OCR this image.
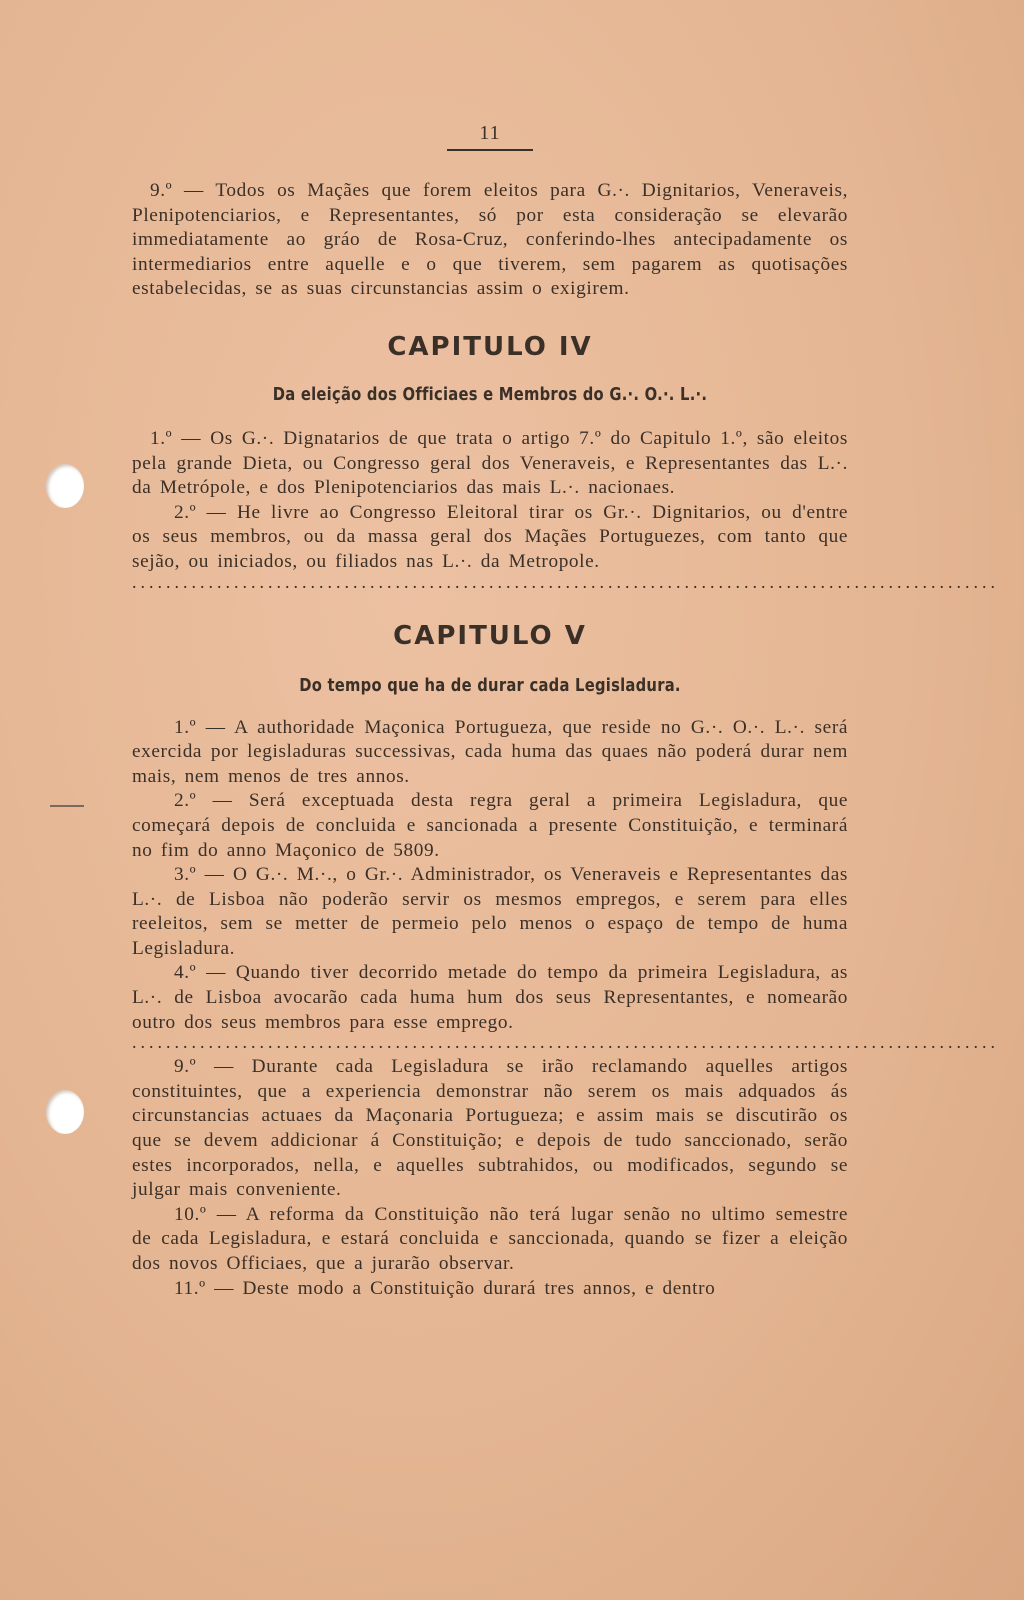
11

9.º — Todos os Maçães que forem eleitos para G.·. Dignitarios, Veneraveis, Plenipotenciarios, e Representantes, só por esta consideração se elevarão immediatamente ao gráo de Rosa-Cruz, conferindo-lhes antecipadamente os intermediarios entre aquelle e o que tiverem, sem pagarem as quotisações estabelecidas, se as suas circunstancias assim o exigirem.

CAPITULO IV
Da eleição dos Officiaes e Membros do G.·. O.·. L.·.

1.º — Os G.·. Dignatarios de que trata o artigo 7.º do Capitulo 1.º, são eleitos pela grande Dieta, ou Congresso geral dos Veneraveis, e Representantes das L.·. da Metrópole, e dos Plenipotenciarios das mais L.·. nacionaes.

2.º — He livre ao Congresso Eleitoral tirar os Gr.·. Dignitarios, ou d'entre os seus membros, ou da massa geral dos Maçães Portuguezes, com tanto que sejão, ou iniciados, ou filiados nas L.·. da Metropole.

......................................................................................................
CAPITULO V
Do tempo que ha de durar cada Legisladura.

1.º — A authoridade Maçonica Portugueza, que reside no G.·. O.·. L.·. será exercida por legisladuras successivas, cada huma das quaes não poderá durar nem mais, nem menos de tres annos.

2.º — Será exceptuada desta regra geral a primeira Legisladura, que começará depois de concluida e sancionada a presente Constituição, e terminará no fim do anno Maçonico de 5809.

3.º — O G.·. M.·., o Gr.·. Administrador, os Veneraveis e Representantes das L.·. de Lisboa não poderão servir os mesmos empregos, e serem para elles reeleitos, sem se metter de permeio pelo menos o espaço de tempo de huma Legisladura.

4.º — Quando tiver decorrido metade do tempo da primeira Legisladura, as L.·. de Lisboa avocarão cada huma hum dos seus Representantes, e nomearão outro dos seus membros para esse emprego.

......................................................................................................

9.º — Durante cada Legisladura se irão reclamando aquelles artigos constituintes, que a experiencia demonstrar não serem os mais adquados ás circunstancias actuaes da Maçonaria Portugueza; e assim mais se discutirão os que se devem addicionar á Constituição; e depois de tudo sanccionado, serão estes incorporados, nella, e aquelles subtrahidos, ou modificados, segundo se julgar mais conveniente.

10.º — A reforma da Constituição não terá lugar senão no ultimo semestre de cada Legisladura, e estará concluida e sanccionada, quando se fizer a eleição dos novos Officiaes, que a jurarão observar.

11.º — Deste modo a Constituição durará tres annos, e dentro
